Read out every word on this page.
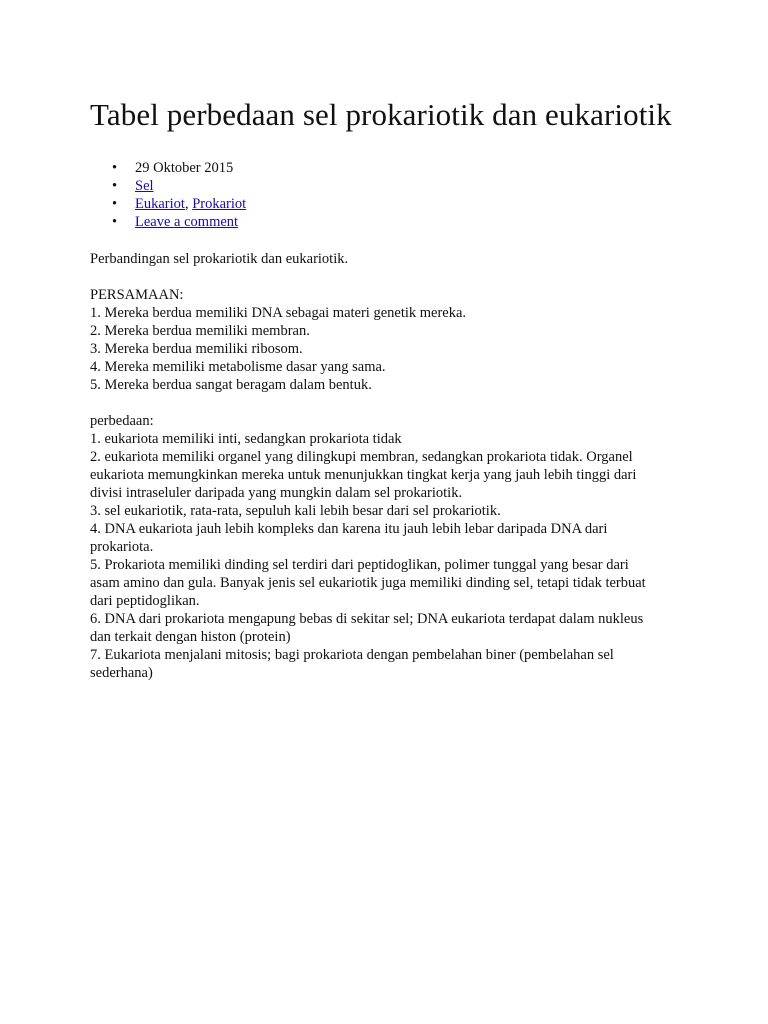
Tabel perbedaan sel prokariotik dan eukariotik
• 29 Oktober 2015
• Sel
• Eukariot, Prokariot
• Leave a comment

Perbandingan sel prokariotik dan eukariotik.

PERSAMAAN:
1. Mereka berdua memiliki DNA sebagai materi genetik mereka.
2. Mereka berdua memiliki membran.
3. Mereka berdua memiliki ribosom.
4. Mereka memiliki metabolisme dasar yang sama.
5. Mereka berdua sangat beragam dalam bentuk.
perbedaan:
1. eukariota memiliki inti, sedangkan prokariota tidak
2. eukariota memiliki organel yang dilingkupi membran, sedangkan prokariota tidak. Organel
eukariota memungkinkan mereka untuk menunjukkan tingkat kerja yang jauh lebih tinggi dari
divisi intraseluler daripada yang mungkin dalam sel prokariotik.
3. sel eukariotik, rata-rata, sepuluh kali lebih besar dari sel prokariotik.
4. DNA eukariota jauh lebih kompleks dan karena itu jauh lebih lebar daripada DNA dari
prokariota.
5. Prokariota memiliki dinding sel terdiri dari peptidoglikan, polimer tunggal yang besar dari
asam amino dan gula. Banyak jenis sel eukariotik juga memiliki dinding sel, tetapi tidak terbuat
dari peptidoglikan.
6. DNA dari prokariota mengapung bebas di sekitar sel; DNA eukariota terdapat dalam nukleus
dan terkait dengan histon (protein)
7. Eukariota menjalani mitosis; bagi prokariota dengan pembelahan biner (pembelahan sel
sederhana)
